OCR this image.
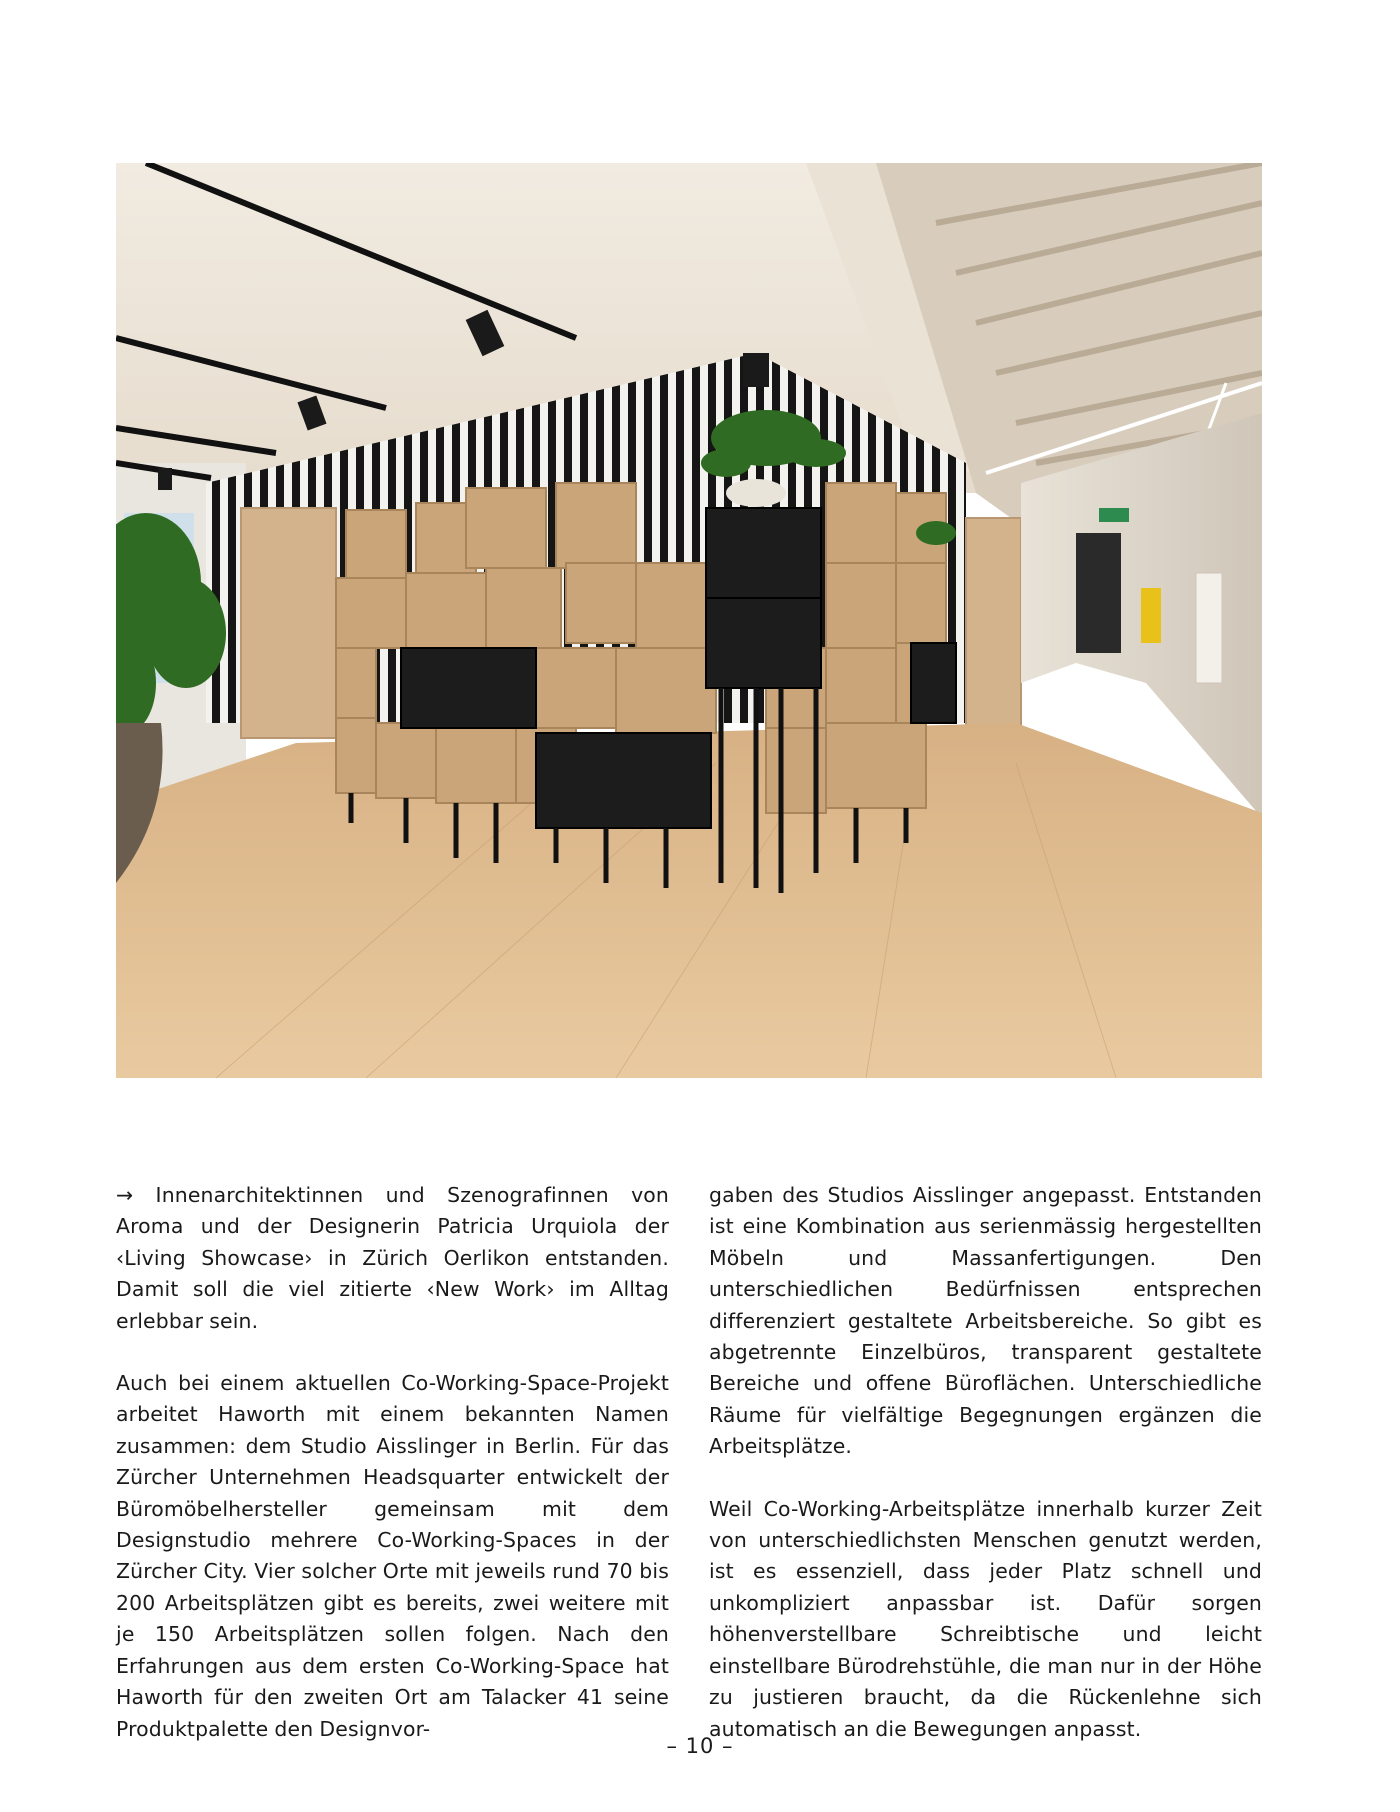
→ Innenarchitektinnen und Szenografinnen von Aroma und der Designerin Patricia Urquiola der ‹Living Showcase› in Zürich Oerlikon entstanden. Damit soll die viel zitierte ‹New Work› im Alltag erlebbar sein.

Auch bei einem aktuellen Co-Working-Space-Projekt arbeitet Haworth mit einem bekannten Namen zusammen: dem Studio Aisslinger in Berlin. Für das Zürcher Unternehmen Headsquarter entwickelt der Büromöbelhersteller gemeinsam mit dem Designstudio mehrere Co-Working-Spaces in der Zürcher City. Vier solcher Orte mit jeweils rund 70 bis 200 Arbeitsplätzen gibt es bereits, zwei weitere mit je 150 Arbeitsplätzen sollen folgen. Nach den Erfahrungen aus dem ersten Co-Working-Space hat Haworth für den zweiten Ort am Talacker 41 seine Produktpalette den Designvor-

gaben des Studios Aisslinger angepasst. Entstanden ist eine Kombination aus serienmässig hergestellten Möbeln und Massanfertigungen. Den unterschiedlichen Bedürfnissen entsprechen differenziert gestaltete Arbeitsbereiche. So gibt es abgetrennte Einzelbüros, transparent gestaltete Bereiche und offene Büroflächen. Unterschiedliche Räume für vielfältige Begegnungen ergänzen die Arbeitsplätze.

Weil Co-Working-Arbeitsplätze innerhalb kurzer Zeit von unterschiedlichsten Menschen genutzt werden, ist es essenziell, dass jeder Platz schnell und unkompliziert anpassbar ist. Dafür sorgen höhenverstellbare Schreibtische und leicht einstellbare Bürodrehstühle, die man nur in der Höhe zu justieren braucht, da die Rückenlehne sich automatisch an die Bewegungen anpasst.

– 10 –
